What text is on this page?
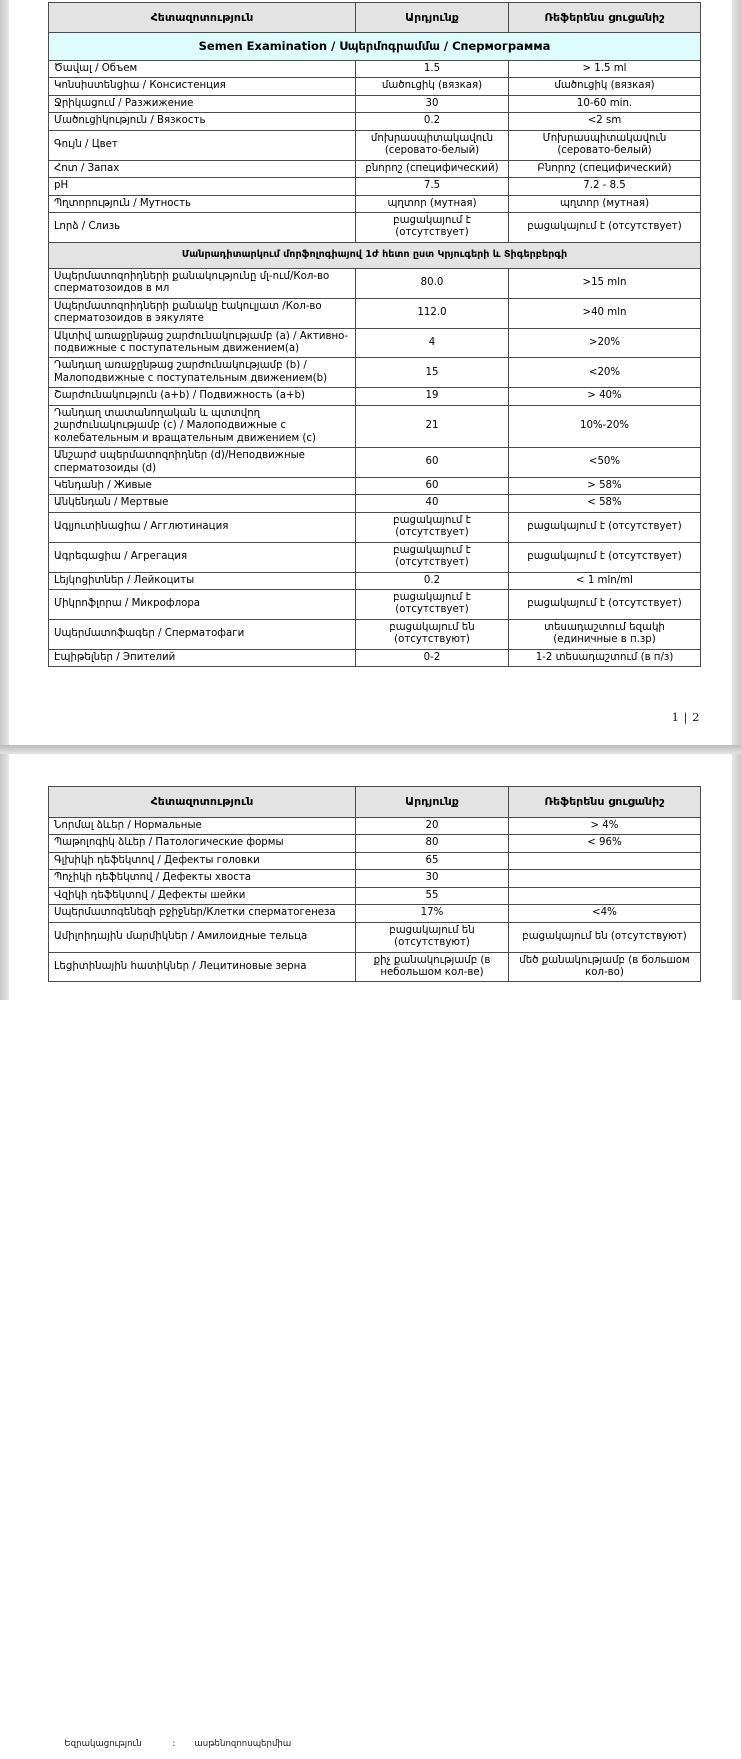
Հետազոտություն	Արդյունք	Ռեֆերենս ցուցանիշ
Semen Examination / Սպերմոգրամմա / Спермограмма		
Ծավալ / Объем	1.5	> 1.5 ml
Կոնսիստենցիա / Консистенция	մածուցիկ (вязкая)	մածուցիկ (вязкая)
Ջրիկացում / Разжижение	30	10-60 min.
Մածուցիկություն / Вязкость	0.2	<2 sm
Գույն / Цвет	մոխրասպիտակավուն (серовато-белый)	Մոխրասպիտակավուն (серовато-белый)
Հոտ / Запах	բնորոշ (специфический)	Բնորոշ (специфический)
pH	7.5	7.2 - 8.5
Պղտորություն / Мутность	պղտոր (мутная)	պղտոր (мутная)
Լորձ / Слизь	բացակայում է (отсутствует)	բացակայում է (отсутствует)
Մանրադիտարկում մորֆոլոգիայով 1ժ հետո ըստ Կրյուգերի և Տիգերբերգի		
Սպերմատոզոիդների քանակությունը մլ-ում/Кол-во сперматозоидов в мл	80.0	>15 mln
Սպերմատոզոիդների քանակը էակուլյատ /Кол-во сперматозоидов в эякуляте	112.0	>40 mln
Ակտիվ առաջընթաց շարժունակությամբ (a) / Активно-подвижные с поступательным движением(a)	4	>20%
Դանդաղ առաջընթաց շարժունակությամբ (b) / Малоподвижные с поступательным движением(b)	15	<20%
Շարժունակություն (a+b) / Подвижность (a+b)	19	> 40%
Դանդաղ տատանողական և պտտվող շարժունակությամբ (c) / Малоподвижные с колебательным и вращательным движением (c)	21	10%-20%
Անշարժ սպերմատոզոիդներ (d)/Неподвижные сперматозоиды (d)	60	<50%
Կենդանի / Живые	60	> 58%
Անկենդան / Мертвые	40	< 58%
Ագլյուտինացիա / Агглютинация	բացակայում է (отсутствует)	բացակայում է (отсутствует)
Ագրեգացիա / Агрегация	բացակայում է (отсутствует)	բացակայում է (отсутствует)
Լեյկոցիտներ / Лейкоциты	0.2	< 1 mln/ml
Միկրոֆլորա / Микрофлора	բացակայում է (отсутствует)	բացակայում է (отсутствует)
Սպերմատոֆագեր / Сперматофаги	բացակայում են (отсутствуют)	տեսադաշտում եզակի (единичные в п.зр)
Էպիթելներ / Эпителий	0-2	1-2 տեսադաշտում (в п/з)
1 | 2
Հետազոտություն	Արդյունք	Ռեֆերենս ցուցանիշ
Նորմալ ձևեր / Нормальные	20	> 4%
Պաթոլոգիկ ձևեր / Патологические формы	80	< 96%
Գլխիկի դեֆեկտով / Дефекты головки	65	
Պոչիկի դեֆեկտով / Дефекты хвоста	30	
Վզիկի դեֆեկտով / Дефекты шейки	55	
Սպերմատոգենեզի բջիջներ/Клетки сперматогенеза	17%	<4%
Ամիլոիդային մարմիկներ / Амилоидные тельца	բացակայում են (отсутствуют)	բացակայում են (отсутствуют)
Լեցիտինային հատիկներ / Лецитиновые зерна	քիչ քանակությամբ (в небольшом кол-ве)	մեծ քանակությամբ (в большом кол-во)

Եզրակացություն	: ասթենոզոոսպերմիա
